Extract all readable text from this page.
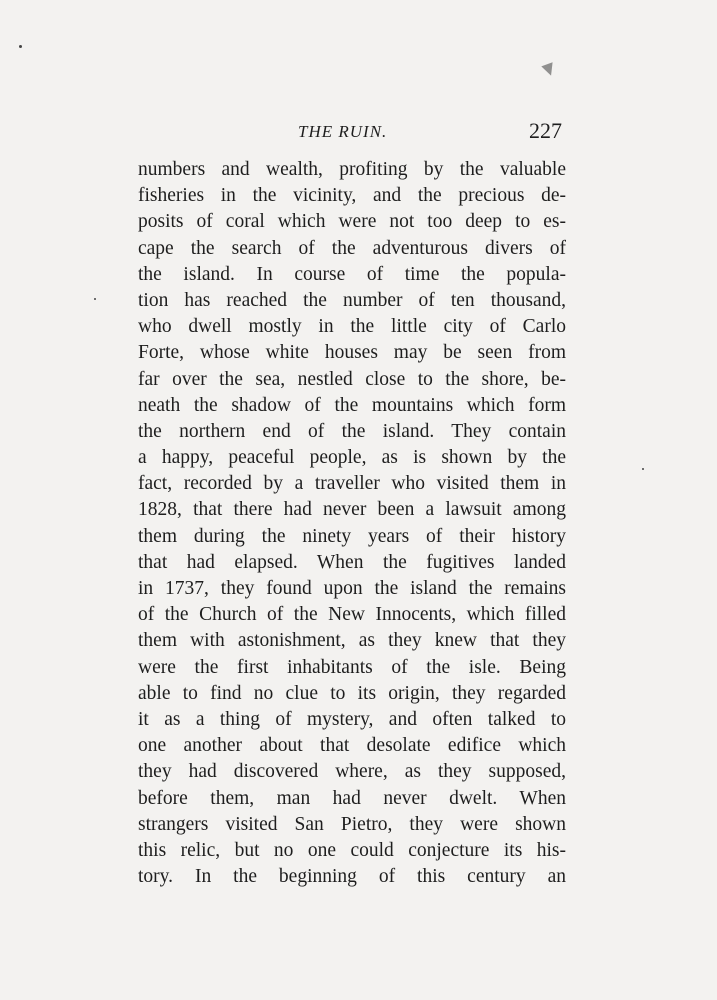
THE RUIN.	227
numbers and wealth, profiting by the valuable
fisheries in the vicinity, and the precious de-
posits of coral which were not too deep to es-
cape the search of the adventurous divers of
the island. In course of time the popula-
tion has reached the number of ten thousand,
who dwell mostly in the little city of Carlo
Forte, whose white houses may be seen from
far over the sea, nestled close to the shore, be-
neath the shadow of the mountains which form
the northern end of the island. They contain
a happy, peaceful people, as is shown by the
fact, recorded by a traveller who visited them in
1828, that there had never been a lawsuit among
them during the ninety years of their history
that had elapsed. When the fugitives landed
in 1737, they found upon the island the remains
of the Church of the New Innocents, which filled
them with astonishment, as they knew that they
were the first inhabitants of the isle. Being
able to find no clue to its origin, they regarded
it as a thing of mystery, and often talked to
one another about that desolate edifice which
they had discovered where, as they supposed,
before them, man had never dwelt. When
strangers visited San Pietro, they were shown
this relic, but no one could conjecture its his-
tory. In the beginning of this century an
